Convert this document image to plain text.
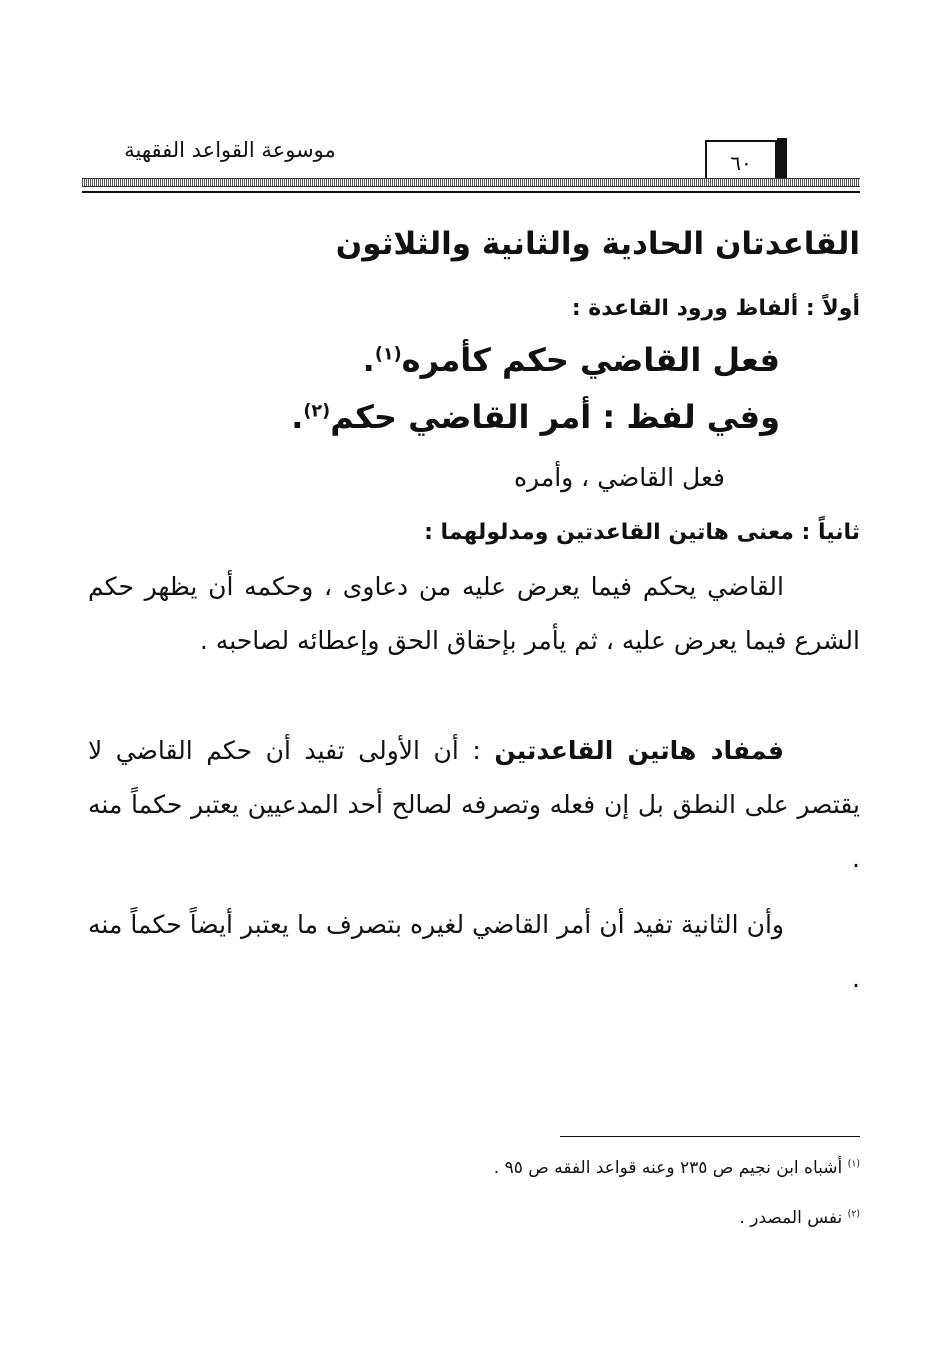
موسوعة القواعد الفقهية
٦٠
القاعدتان الحادية والثانية والثلاثون
أولاً : ألفاظ ورود القاعدة :
فعل القاضي حكم كأمره$^{(١)}$.
وفي لفظ : أمر القاضي حكم$^{(٢)}$.
فعل القاضي ، وأمره
ثانياً : معنى هاتين القاعدتين ومدلولهما :
القاضي يحكم فيما يعرض عليه من دعاوى ، وحكمه أن يظهر حكم الشرع فيما يعرض عليه ، ثم يأمر بإحقاق الحق وإعطائه لصاحبه .
فمفاد هاتين القاعدتين : أن الأولى تفيد أن حكم القاضي لا يقتصر على النطق بل إن فعله وتصرفه لصالح أحد المدعيين يعتبر حكماً منه .
وأن الثانية تفيد أن أمر القاضي لغيره بتصرف ما يعتبر أيضاً حكماً منه .
$^{(١)}$ أشباه ابن نجيم ص ٢٣٥ وعنه قواعد الفقه ص ٩٥ .
$^{(٢)}$ نفس المصدر .
